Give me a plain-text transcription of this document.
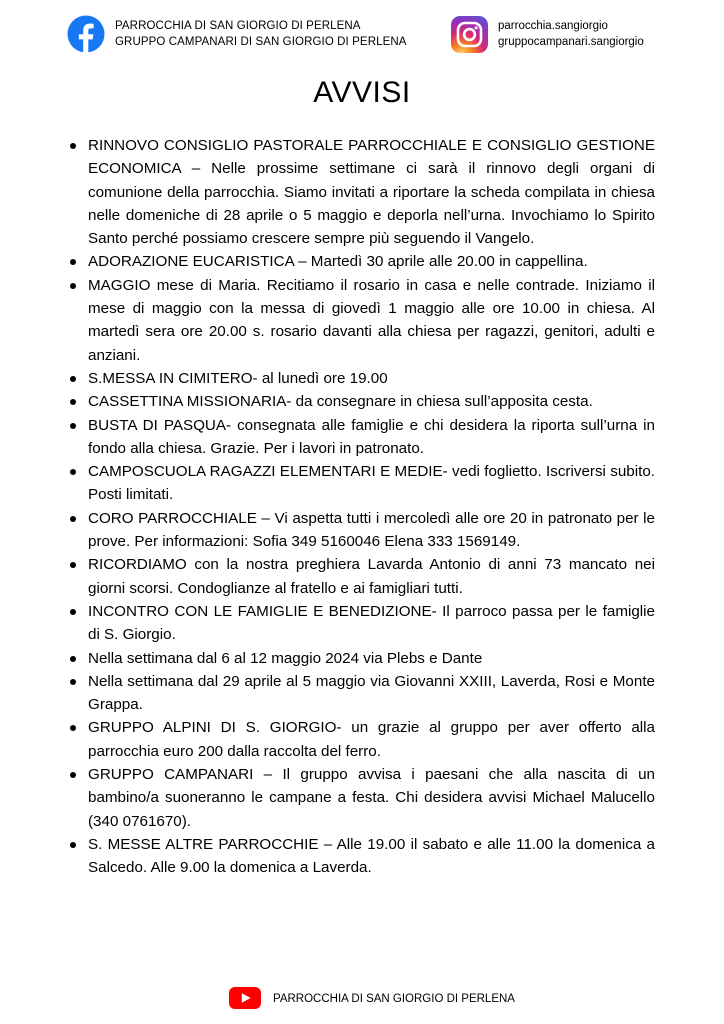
PARROCCHIA DI SAN GIORGIO DI PERLENA
GRUPPO CAMPANARI DI SAN GIORGIO DI PERLENA
parrocchia.sangiorgio
gruppocampanari.sangiorgio
AVVISI
RINNOVO CONSIGLIO PASTORALE PARROCCHIALE E CONSIGLIO GESTIONE ECONOMICA – Nelle prossime settimane ci sarà il rinnovo degli organi di comunione della parrocchia. Siamo invitati a riportare la scheda compilata in chiesa nelle domeniche di 28 aprile o 5 maggio e deporla nell’urna. Invochiamo lo Spirito Santo perché possiamo crescere sempre più seguendo il Vangelo.
ADORAZIONE EUCARISTICA – Martedì 30 aprile alle 20.00 in cappellina.
MAGGIO mese di Maria. Recitiamo il rosario in casa e nelle contrade. Iniziamo il mese di maggio con la messa di giovedì 1 maggio alle ore 10.00 in chiesa. Al martedì sera ore 20.00 s. rosario davanti alla chiesa per ragazzi, genitori, adulti e anziani.
S.MESSA IN CIMITERO- al lunedì ore 19.00
CASSETTINA MISSIONARIA- da consegnare in chiesa sull’apposita cesta.
BUSTA DI PASQUA- consegnata alle famiglie e chi desidera la riporta sull’urna in fondo alla chiesa. Grazie. Per i lavori in patronato.
CAMPOSCUOLA RAGAZZI ELEMENTARI E MEDIE- vedi foglietto. Iscriversi subito. Posti limitati.
CORO PARROCCHIALE – Vi aspetta tutti i mercoledì alle ore 20 in patronato per le prove. Per informazioni: Sofia 349 5160046 Elena 333 1569149.
RICORDIAMO con la nostra preghiera Lavarda Antonio di anni 73 mancato nei giorni scorsi. Condoglianze al fratello e ai famigliari tutti.
INCONTRO CON LE FAMIGLIE E BENEDIZIONE- Il parroco passa per le famiglie di S. Giorgio.
Nella settimana dal 6 al 12 maggio 2024 via Plebs e Dante
Nella settimana dal 29 aprile al 5 maggio via Giovanni XXIII, Laverda, Rosi e Monte Grappa.
GRUPPO ALPINI DI S. GIORGIO- un grazie al gruppo per aver offerto alla parrocchia euro 200 dalla raccolta del ferro.
GRUPPO CAMPANARI – Il gruppo avvisa i paesani che alla nascita di un bambino/a suoneranno le campane a festa. Chi desidera avvisi Michael Malucello (340 0761670).
S. MESSE ALTRE PARROCCHIE – Alle 19.00 il sabato e alle 11.00 la domenica a Salcedo. Alle 9.00 la domenica a Laverda.
PARROCCHIA DI SAN GIORGIO DI PERLENA
